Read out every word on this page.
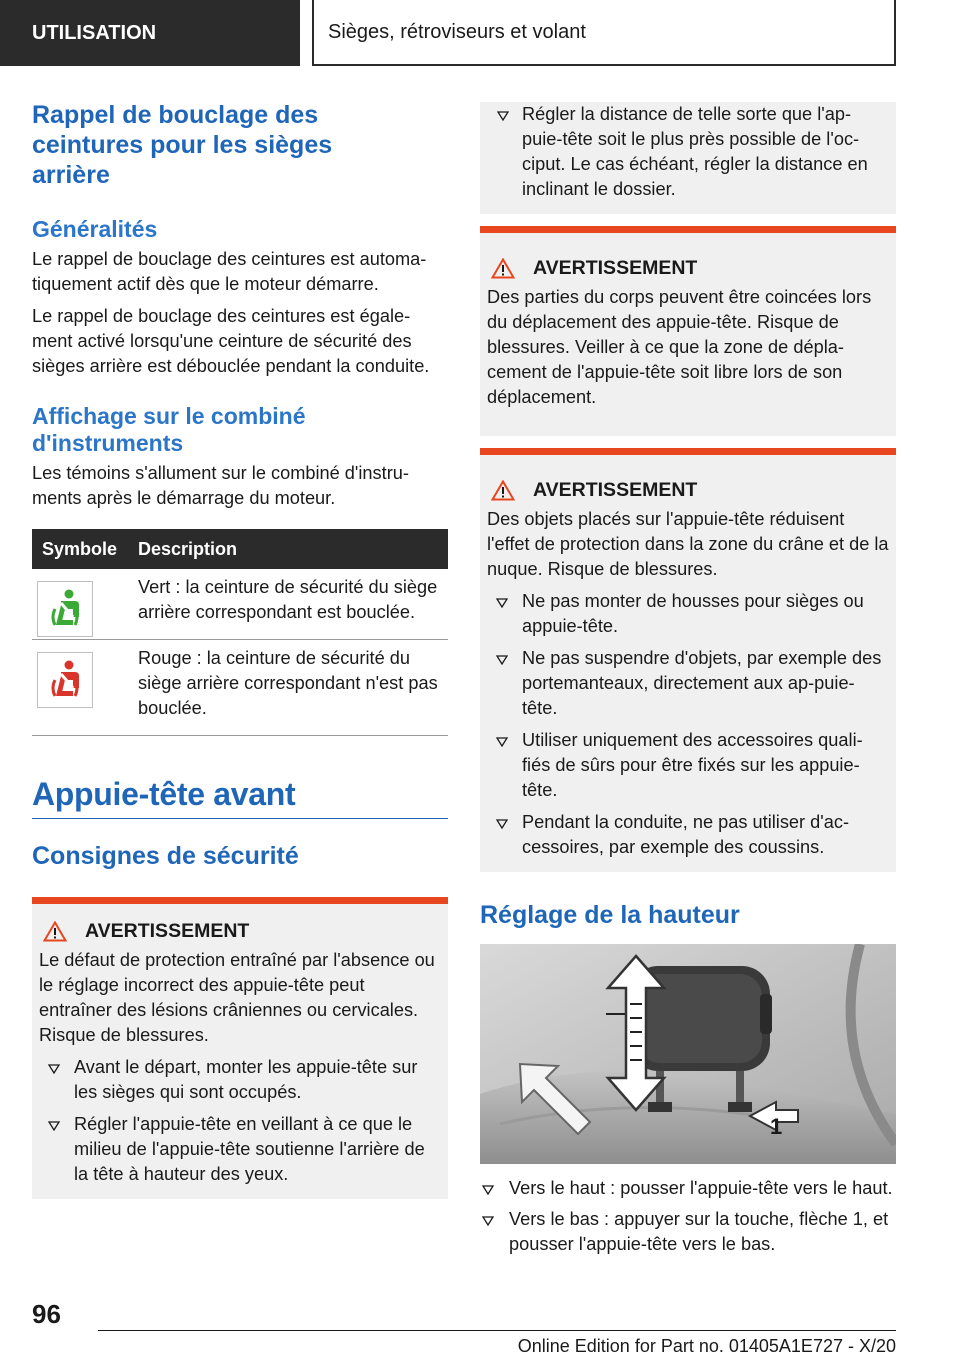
UTILISATION	Sièges, rétroviseurs et volant
Rappel de bouclage des ceintures pour les sièges arrière
Généralités

Le rappel de bouclage des ceintures est automa-tiquement actif dès que le moteur démarre.

Le rappel de bouclage des ceintures est égale-ment activé lorsqu'une ceinture de sécurité des sièges arrière est débouclée pendant la conduite.

Affichage sur le combiné d'instruments

Les témoins s'allument sur le combiné d'instru-ments après le démarrage du moteur.

Symbole	Description
Vert : la ceinture de sécurité du siège arrière correspondant est bouclée.
Rouge : la ceinture de sécurité du siège arrière correspondant n'est pas bouclée.
Appuie-tête avant
Consignes de sécurité
AVERTISSEMENT

Le défaut de protection entraîné par l'absence ou le réglage incorrect des appuie-tête peut entraîner des lésions crâniennes ou cervicales. Risque de blessures.

Avant le départ, monter les appuie-tête sur les sièges qui sont occupés.
Régler l'appuie-tête en veillant à ce que le milieu de l'appuie-tête soutienne l'arrière de la tête à hauteur des yeux.
Régler la distance de telle sorte que l'ap-puie-tête soit le plus près possible de l'oc-ciput. Le cas échéant, régler la distance en inclinant le dossier.
AVERTISSEMENT

Des parties du corps peuvent être coincées lors du déplacement des appuie-tête. Risque de blessures. Veiller à ce que la zone de dépla-cement de l'appuie-tête soit libre lors de son déplacement.

AVERTISSEMENT

Des objets placés sur l'appuie-tête réduisent l'effet de protection dans la zone du crâne et de la nuque. Risque de blessures.

Ne pas monter de housses pour sièges ou appuie-tête.
Ne pas suspendre d'objets, par exemple des portemanteaux, directement aux ap-puie-tête.
Utiliser uniquement des accessoires quali-fiés de sûrs pour être fixés sur les appuie-tête.
Pendant la conduite, ne pas utiliser d'ac-cessoires, par exemple des coussins.
Réglage de la hauteur
1
Vers le haut : pousser l'appuie-tête vers le haut.
Vers le bas : appuyer sur la touche, flèche 1, et pousser l'appuie-tête vers le bas.
96
Online Edition for Part no. 01405A1E727 - X/20
